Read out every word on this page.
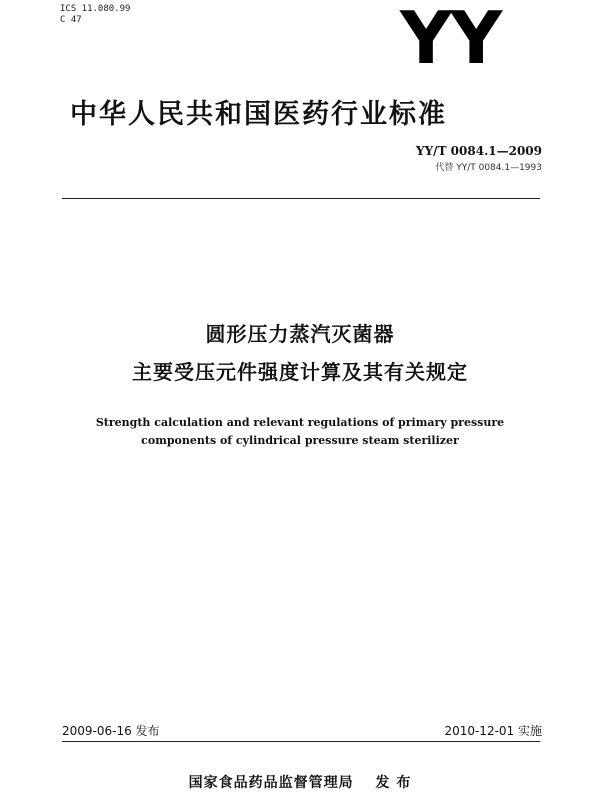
ICS 11.080.99
C 47	YY
中华人民共和国医药行业标准
YY/T 0084.1—2009
代替 YY/T 0084.1—1993
圆形压力蒸汽灭菌器
主要受压元件强度计算及其有关规定
Strength calculation and relevant regulations of primary pressure
components of cylindrical pressure steam sterilizer
2009-06-16 发布	2010-12-01 实施
国家食品药品监督管理局 发 布
